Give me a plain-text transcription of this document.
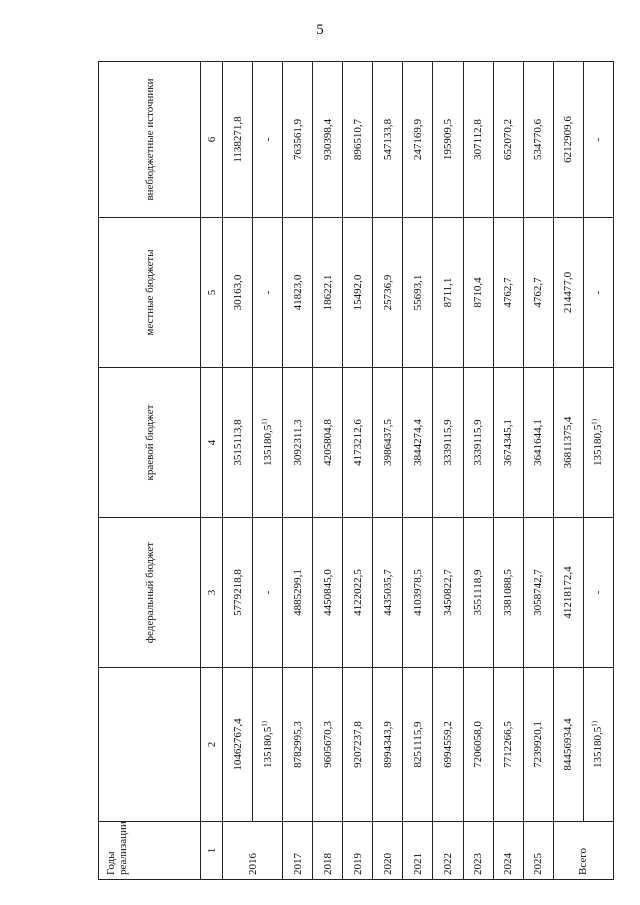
5
Годы реализации		федеральный бюджет	краевой бюджет	местные бюджеты	внебюджетные источники
1	2	3	4	5	6
2016	10462767,4	5779218,8	3515113,8	30163,0	1138271,8
	135180,5$^{1)}$	-	135180,5$^{1)}$	-	-
2017	8782995,3	4885299,1	3092311,3	41823,0	763561,9
2018	9605670,3	4450845,0	4205804,8	18622,1	930398,4
2019	9207237,8	4122022,5	4173212,6	15492,0	896510,7
2020	8994343,9	4435035,7	3986437,5	25736,9	547133,8
2021	8251115,9	4103978,5	3844274,4	55693,1	247169,9
2022	6994559,2	3450822,7	3339115,9	8711,1	195909,5
2023	7206058,0	3551118,9	3339115,9	8710,4	307112,8
2024	7712266,5	3381088,5	3674345,1	4762,7	652070,2
2025	7239920,1	3058742,7	3641644,1	4762,7	534770,6
Всего	84456934,4	41218172,4	36811375,4	214477,0	6212909,6
	135180,5$^{1)}$	-	135180,5$^{1)}$	-	-
